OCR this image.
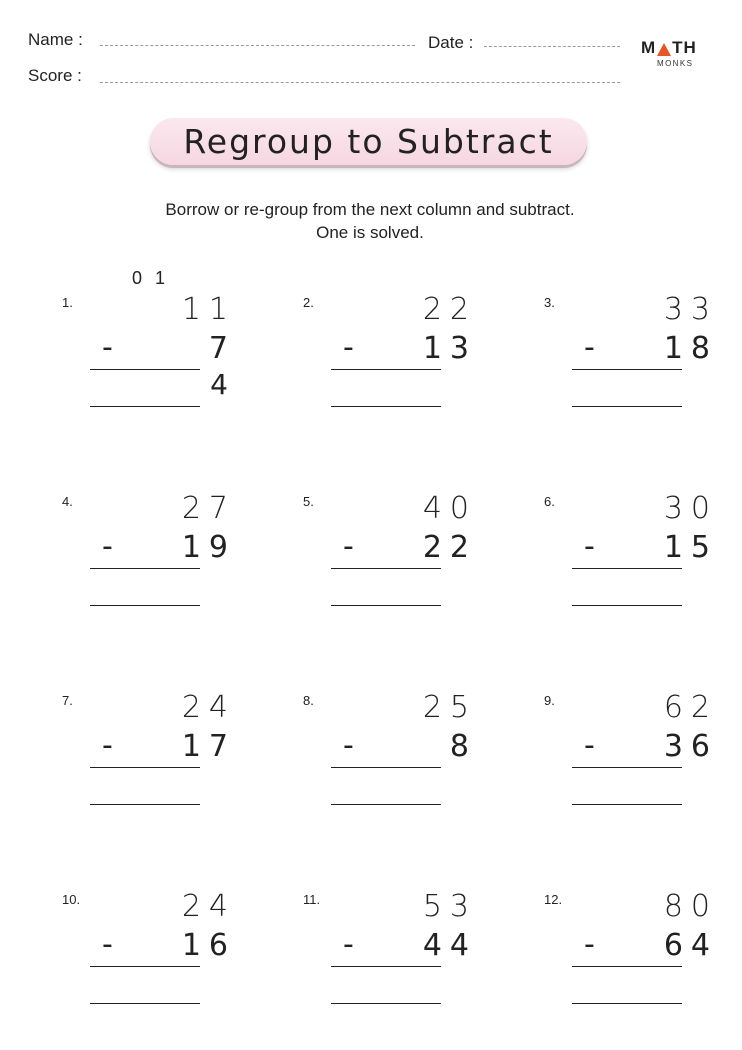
Name :	Date :
Score :
M TH
MONKS
Regroup to Subtract
Borrow or re-group from the next column and subtract.
One is solved.
1.
0 1
11
-	7
4
2.	22
- 13
3.	33
- 18
4.	27
- 19
5.	40
- 22
6.	30
- 15
7.	24
- 17
8.	25
-	8
9.	62
- 36
10.	24
- 16
11.	53
- 44
12.	80
- 64
